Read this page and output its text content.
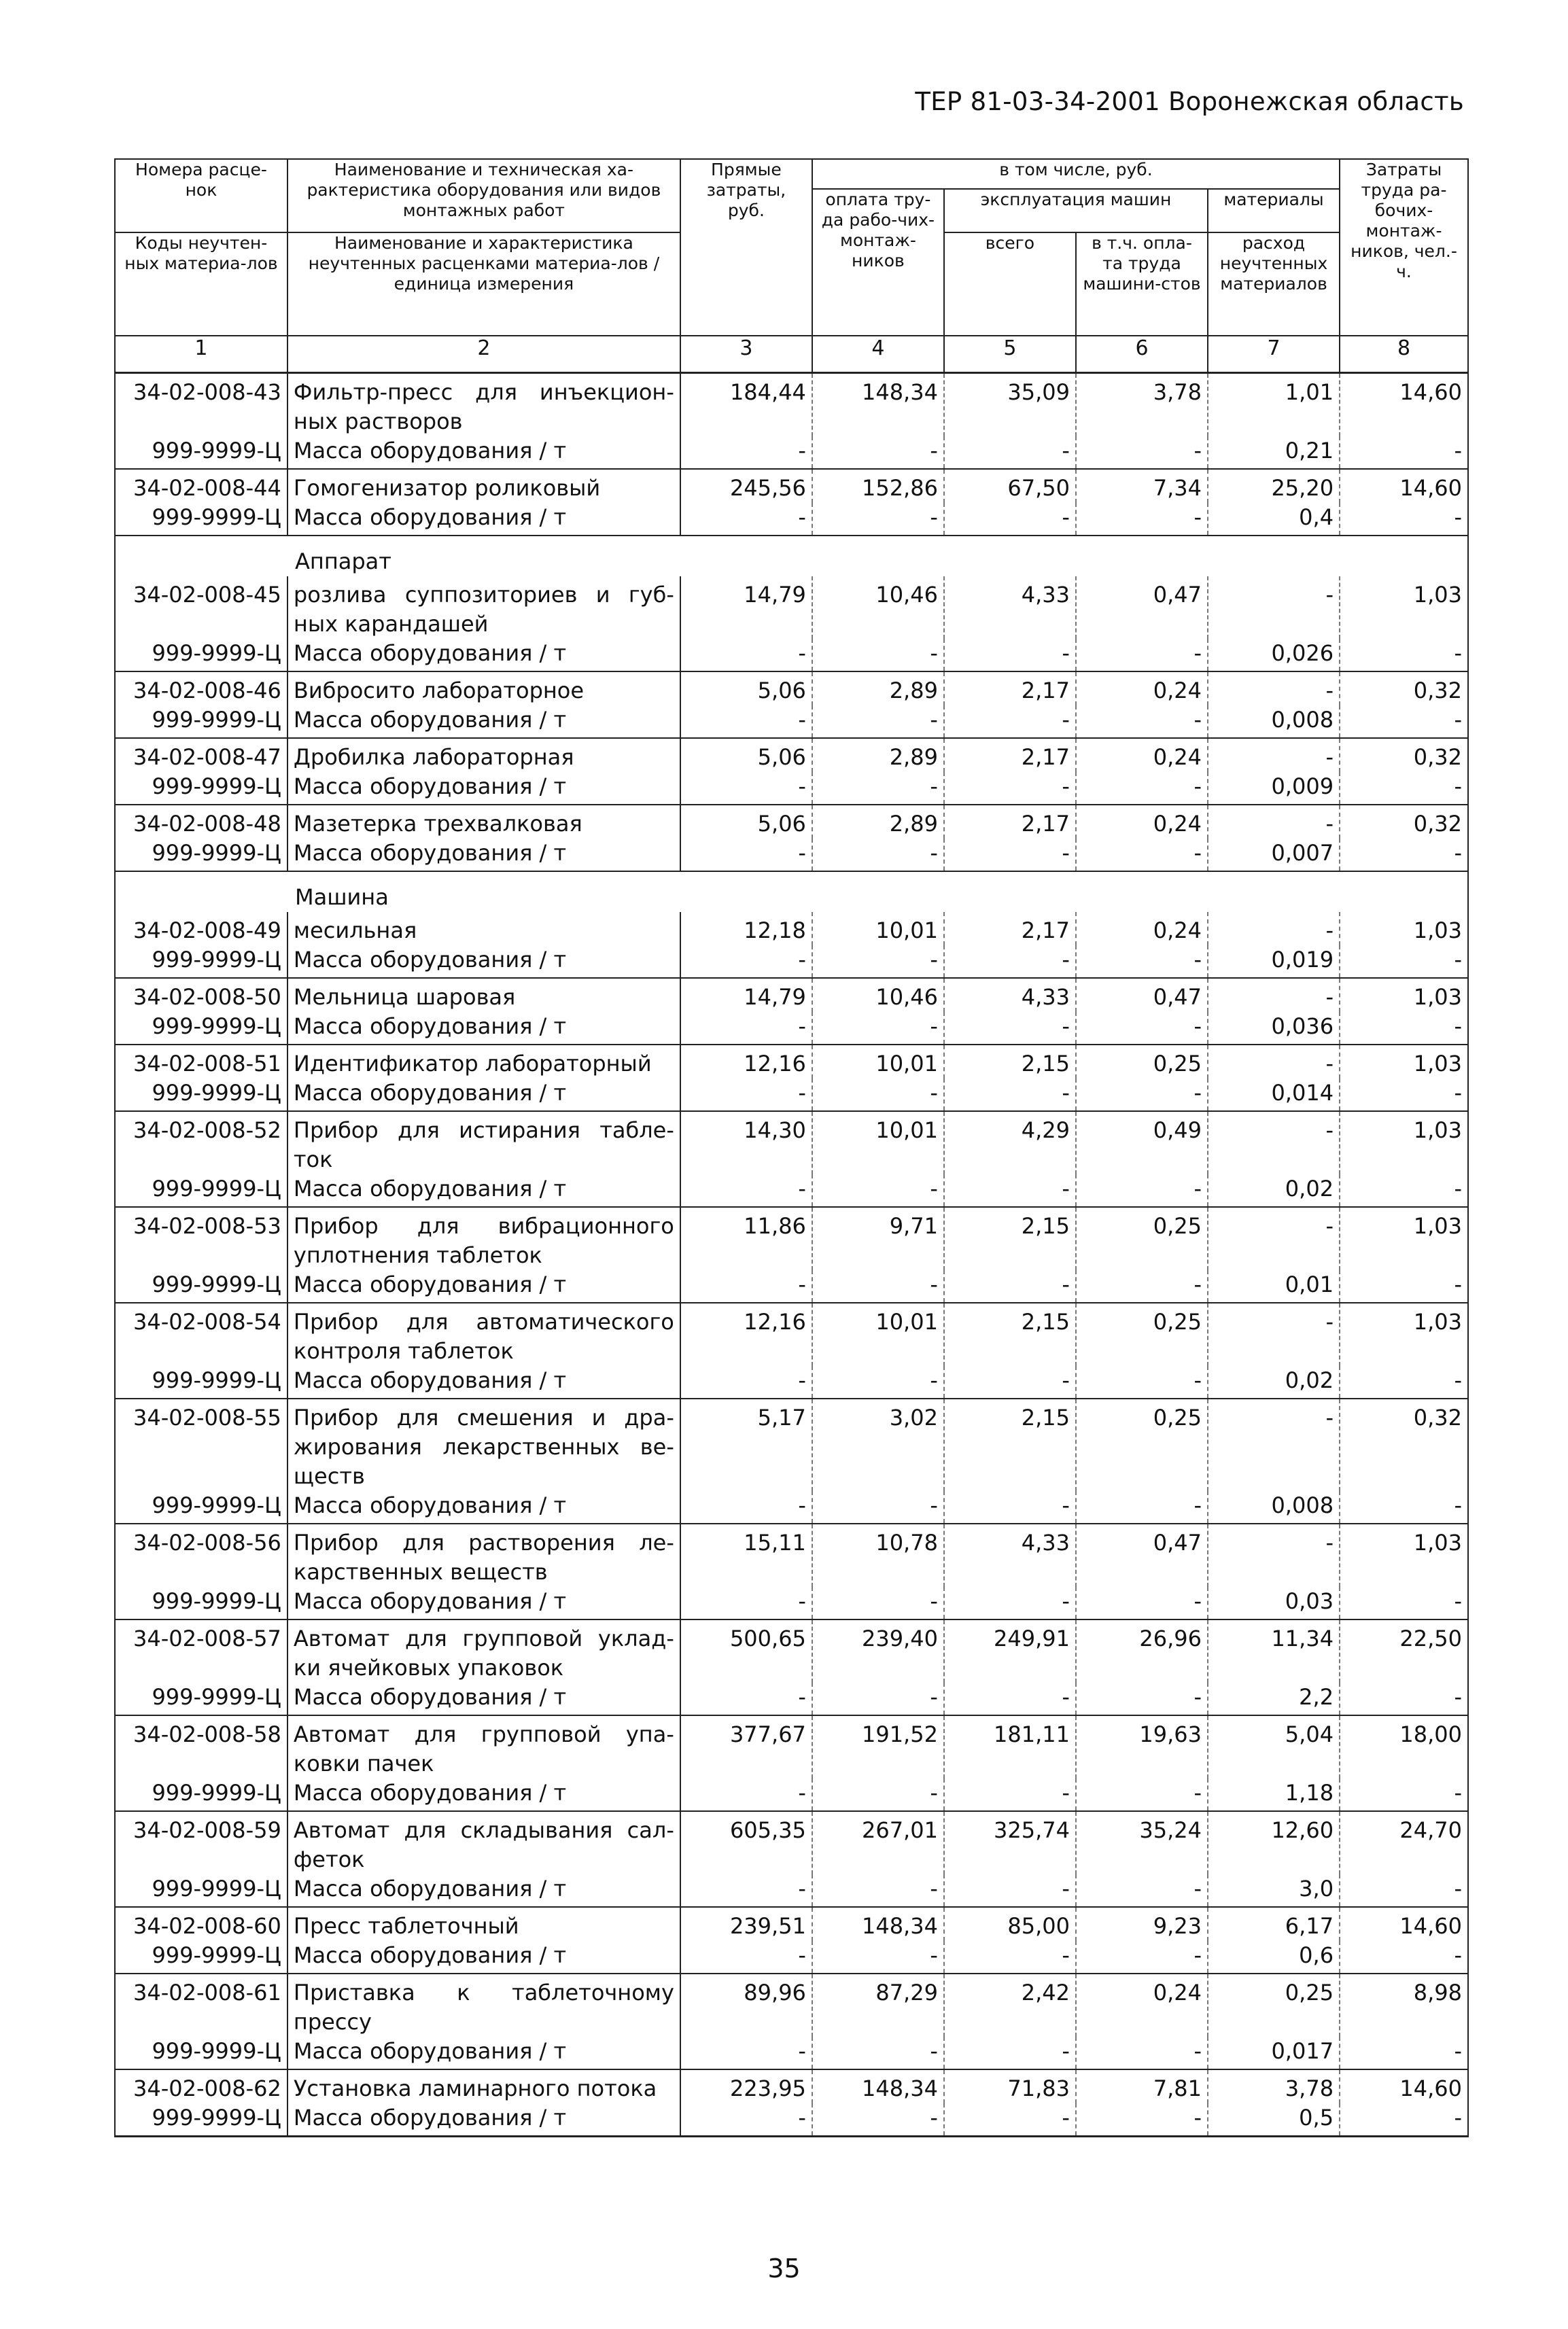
ТЕР 81-03-34-2001 Воронежская область
Номера расце-нок	Наименование и техническая ха-рактеристика оборудования или видов монтажных работ	Прямые затраты, руб.	в том числе, руб.				Затраты труда ра-бочих-монтаж-ников, чел.-ч.
			оплата тру-да рабо-чих-монтаж-ников	эксплуатация машин		материалы	
Коды неучтен-ных материа-лов	Наименование и характеристика неучтенных расценками материа-лов / единица измерения			всего	в т.ч. опла-та труда машини-стов	расход неучтенных материалов	

1	2	3	4	5	6	7	8
34-02-008-43	Фильтр-пресс для инъекцион-ных растворов	184,44	148,34	35,09	3,78	1,01	14,60
999-9999-Ц	Масса оборудования / т	-	-	-	-	0,21	-
34-02-008-44	Гомогенизатор роликовый	245,56	152,86	67,50	7,34	25,20	14,60
999-9999-Ц	Масса оборудования / т	-	-	-	-	0,4	-
Аппарат							
34-02-008-45	розлива суппозиториев и губ-ных карандашей	14,79	10,46	4,33	0,47	-	1,03
999-9999-Ц	Масса оборудования / т	-	-	-	-	0,026	-
34-02-008-46	Вибросито лабораторное	5,06	2,89	2,17	0,24	-	0,32
999-9999-Ц	Масса оборудования / т	-	-	-	-	0,008	-
34-02-008-47	Дробилка лабораторная	5,06	2,89	2,17	0,24	-	0,32
999-9999-Ц	Масса оборудования / т	-	-	-	-	0,009	-
34-02-008-48	Мазетерка трехвалковая	5,06	2,89	2,17	0,24	-	0,32
999-9999-Ц	Масса оборудования / т	-	-	-	-	0,007	-
Машина							
34-02-008-49	месильная	12,18	10,01	2,17	0,24	-	1,03
999-9999-Ц	Масса оборудования / т	-	-	-	-	0,019	-
34-02-008-50	Мельница шаровая	14,79	10,46	4,33	0,47	-	1,03
999-9999-Ц	Масса оборудования / т	-	-	-	-	0,036	-
34-02-008-51	Идентификатор лабораторный	12,16	10,01	2,15	0,25	-	1,03
999-9999-Ц	Масса оборудования / т	-	-	-	-	0,014	-
34-02-008-52	Прибор для истирания табле-ток	14,30	10,01	4,29	0,49	-	1,03
999-9999-Ц	Масса оборудования / т	-	-	-	-	0,02	-
34-02-008-53	Прибор для вибрационного уплотнения таблеток	11,86	9,71	2,15	0,25	-	1,03
999-9999-Ц	Масса оборудования / т	-	-	-	-	0,01	-
34-02-008-54	Прибор для автоматического контроля таблеток	12,16	10,01	2,15	0,25	-	1,03
999-9999-Ц	Масса оборудования / т	-	-	-	-	0,02	-
34-02-008-55	Прибор для смешения и дра-жирования лекарственных ве-ществ	5,17	3,02	2,15	0,25	-	0,32
999-9999-Ц	Масса оборудования / т	-	-	-	-	0,008	-
34-02-008-56	Прибор для растворения ле-карственных веществ	15,11	10,78	4,33	0,47	-	1,03
999-9999-Ц	Масса оборудования / т	-	-	-	-	0,03	-
34-02-008-57	Автомат для групповой уклад-ки ячейковых упаковок	500,65	239,40	249,91	26,96	11,34	22,50
999-9999-Ц	Масса оборудования / т	-	-	-	-	2,2	-
34-02-008-58	Автомат для групповой упа-ковки пачек	377,67	191,52	181,11	19,63	5,04	18,00
999-9999-Ц	Масса оборудования / т	-	-	-	-	1,18	-
34-02-008-59	Автомат для складывания сал-феток	605,35	267,01	325,74	35,24	12,60	24,70
999-9999-Ц	Масса оборудования / т	-	-	-	-	3,0	-
34-02-008-60	Пресс таблеточный	239,51	148,34	85,00	9,23	6,17	14,60
999-9999-Ц	Масса оборудования / т	-	-	-	-	0,6	-
34-02-008-61	Приставка к таблеточному прессу	89,96	87,29	2,42	0,24	0,25	8,98
999-9999-Ц	Масса оборудования / т	-	-	-	-	0,017	-
34-02-008-62	Установка ламинарного потока	223,95	148,34	71,83	7,81	3,78	14,60
999-9999-Ц	Масса оборудования / т	-	-	-	-	0,5	-
35
